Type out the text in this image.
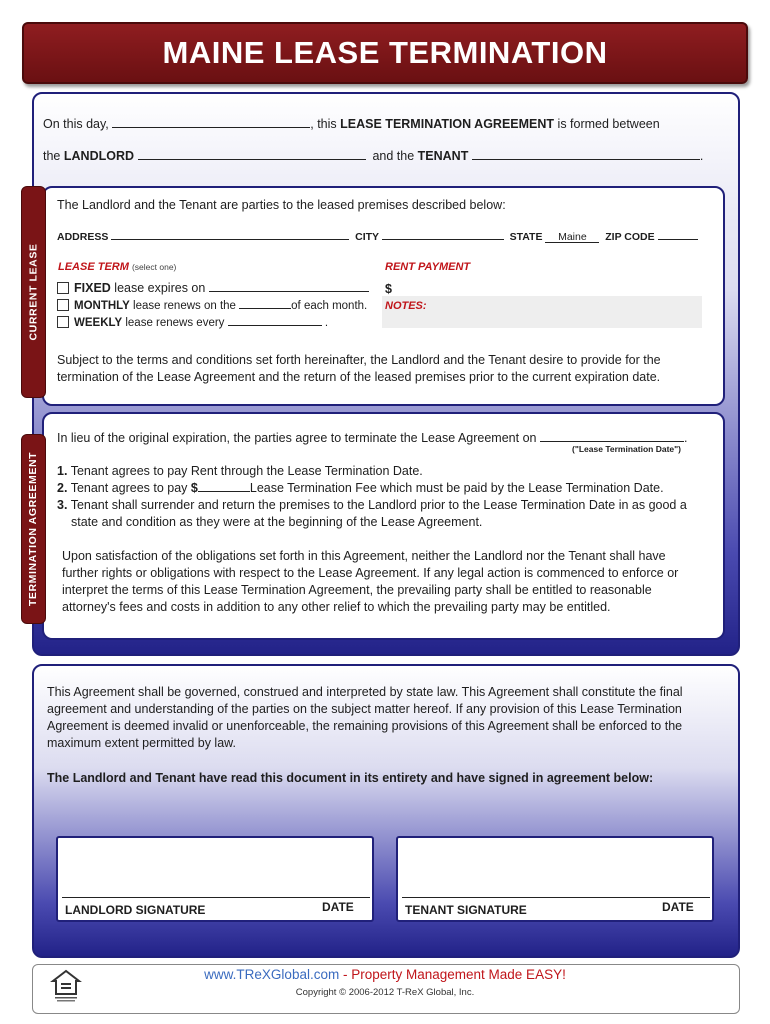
MAINE LEASE TERMINATION
On this day,	, this LEASE TERMINATION AGREEMENT is formed between
the LANDLORD	and the TENANT	.
CURRENT LEASE
The Landlord and the Tenant are parties to the leased premises described below:
ADDRESS	CITY	STATE Maine ZIP CODE
LEASE TERM (select one)	RENT PAYMENT
FIXED lease expires on	$
NOTES:
MONTHLY lease renews on the	of each month.
WEEKLY lease renews every	.
Subject to the terms and conditions set forth hereinafter, the Landlord and the Tenant desire to provide for the
termination of the Lease Agreement and the return of the leased premises prior to the current expiration date.
TERMINATION AGREEMENT
In lieu of the original expiration, the parties agree to terminate the Lease Agreement on	.
("Lease Termination Date")
1. Tenant agrees to pay Rent through the Lease Termination Date.
2. Tenant agrees to pay $	Lease Termination Fee which must be paid by the Lease Termination Date.
3. Tenant shall surrender and return the premises to the Landlord prior to the Lease Termination Date in as good a
state and condition as they were at the beginning of the Lease Agreement.
Upon satisfaction of the obligations set forth in this Agreement, neither the Landlord nor the Tenant shall have
further rights or obligations with respect to the Lease Agreement. If any legal action is commenced to enforce or
interpret the terms of this Lease Termination Agreement, the prevailing party shall be entitled to reasonable
attorney's fees and costs in addition to any other relief to which the prevailing party may be entitled.
This Agreement shall be governed, construed and interpreted by state law. This Agreement shall constitute the final
agreement and understanding of the parties on the subject matter hereof. If any provision of this Lease Termination
Agreement is deemed invalid or unenforceable, the remaining provisions of this Agreement shall be enforced to the
maximum extent permitted by law.
The Landlord and Tenant have read this document in its entirety and have signed in agreement below:
LANDLORD SIGNATURE	DATE	TENANT SIGNATURE	DATE
www.TReXGlobal.com - Property Management Made EASY!
Copyright © 2006-2012 T-ReX Global, Inc.
